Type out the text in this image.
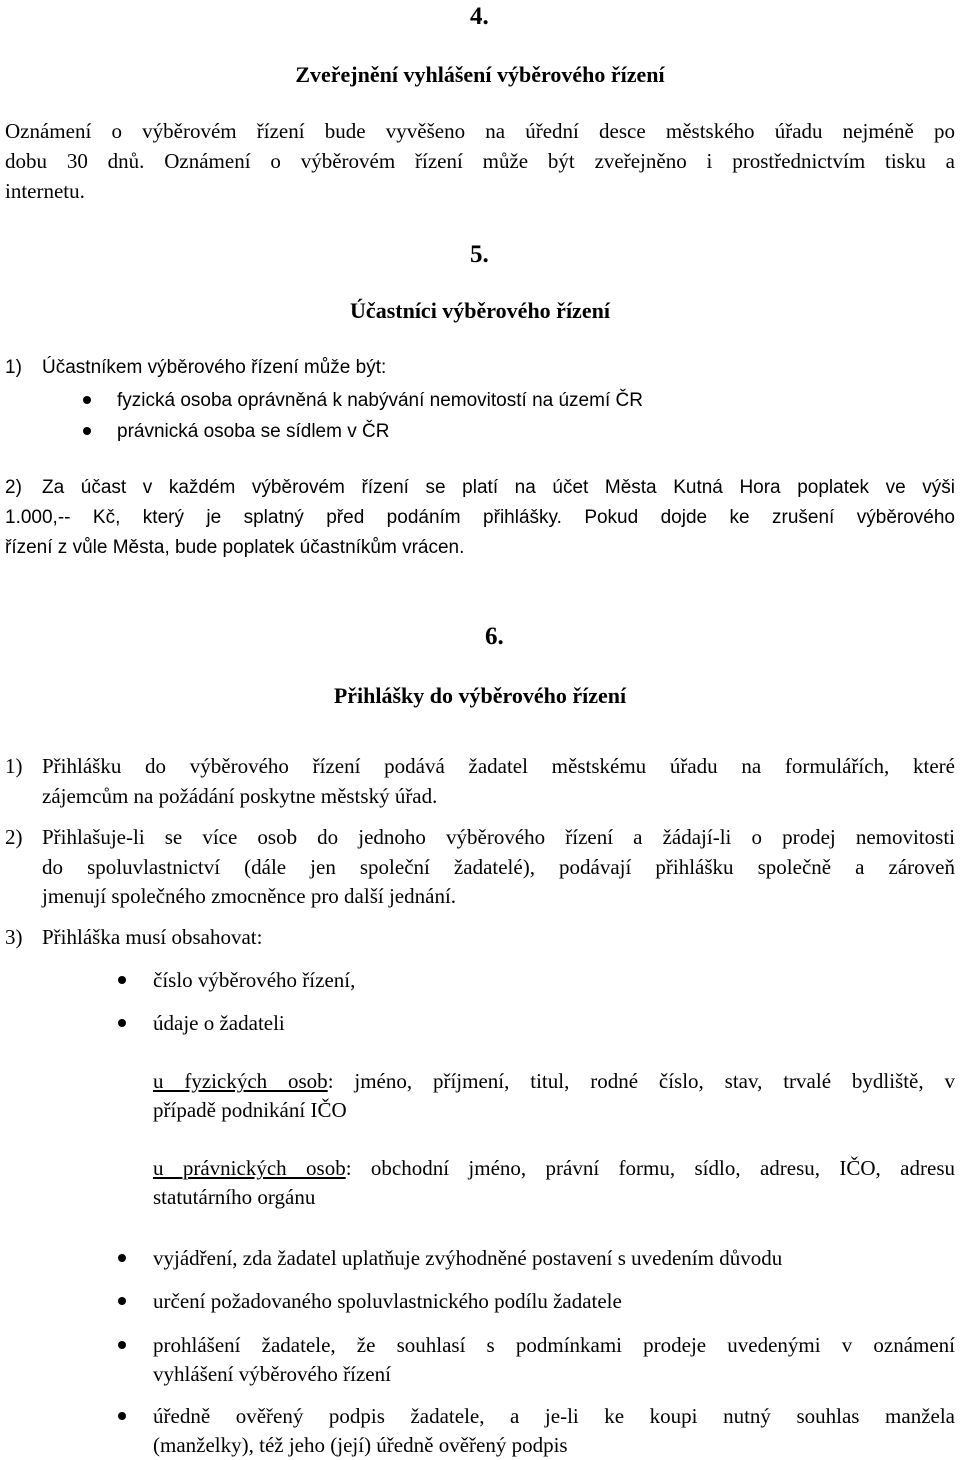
4.
Zveřejnění vyhlášení výběrového řízení
Oznámení o výběrovém řízení bude vyvěšeno na úřední desce městského úřadu nejméně po
dobu 30 dnů. Oznámení o výběrovém řízení může být zveřejněno i prostřednictvím tisku a
internetu.
5.
Účastníci výběrového řízení
1) Účastníkem výběrového řízení může být:
fyzická osoba oprávněná k nabývání nemovitostí na území ČR
právnická osoba se sídlem v ČR
2) Za účast v každém výběrovém řízení se platí na účet Města Kutná Hora poplatek ve výši
1.000,-- Kč, který je splatný před podáním přihlášky. Pokud dojde ke zrušení výběrového
řízení z vůle Města, bude poplatek účastníkům vrácen.
6.
Přihlášky do výběrového řízení
1) Přihlášku do výběrového řízení podává žadatel městskému úřadu na formulářích, které
zájemcům na požádání poskytne městský úřad.
2) Přihlašuje-li se více osob do jednoho výběrového řízení a žádají-li o prodej nemovitosti
do spoluvlastnictví (dále jen společní žadatelé), podávají přihlášku společně a zároveň
jmenují společného zmocněnce pro další jednání.
3) Přihláška musí obsahovat:
číslo výběrového řízení,
údaje o žadateli
u fyzických osob: jméno, příjmení, titul, rodné číslo, stav, trvalé bydliště, v
případě podnikání IČO
u právnických osob: obchodní jméno, právní formu, sídlo, adresu, IČO, adresu
statutárního orgánu
vyjádření, zda žadatel uplatňuje zvýhodněné postavení s uvedením důvodu
určení požadovaného spoluvlastnického podílu žadatele
prohlášení žadatele, že souhlasí s podmínkami prodeje uvedenými v oznámení
vyhlášení výběrového řízení
úředně ověřený podpis žadatele, a je-li ke koupi nutný souhlas manžela
(manželky), též jeho (její) úředně ověřený podpis
